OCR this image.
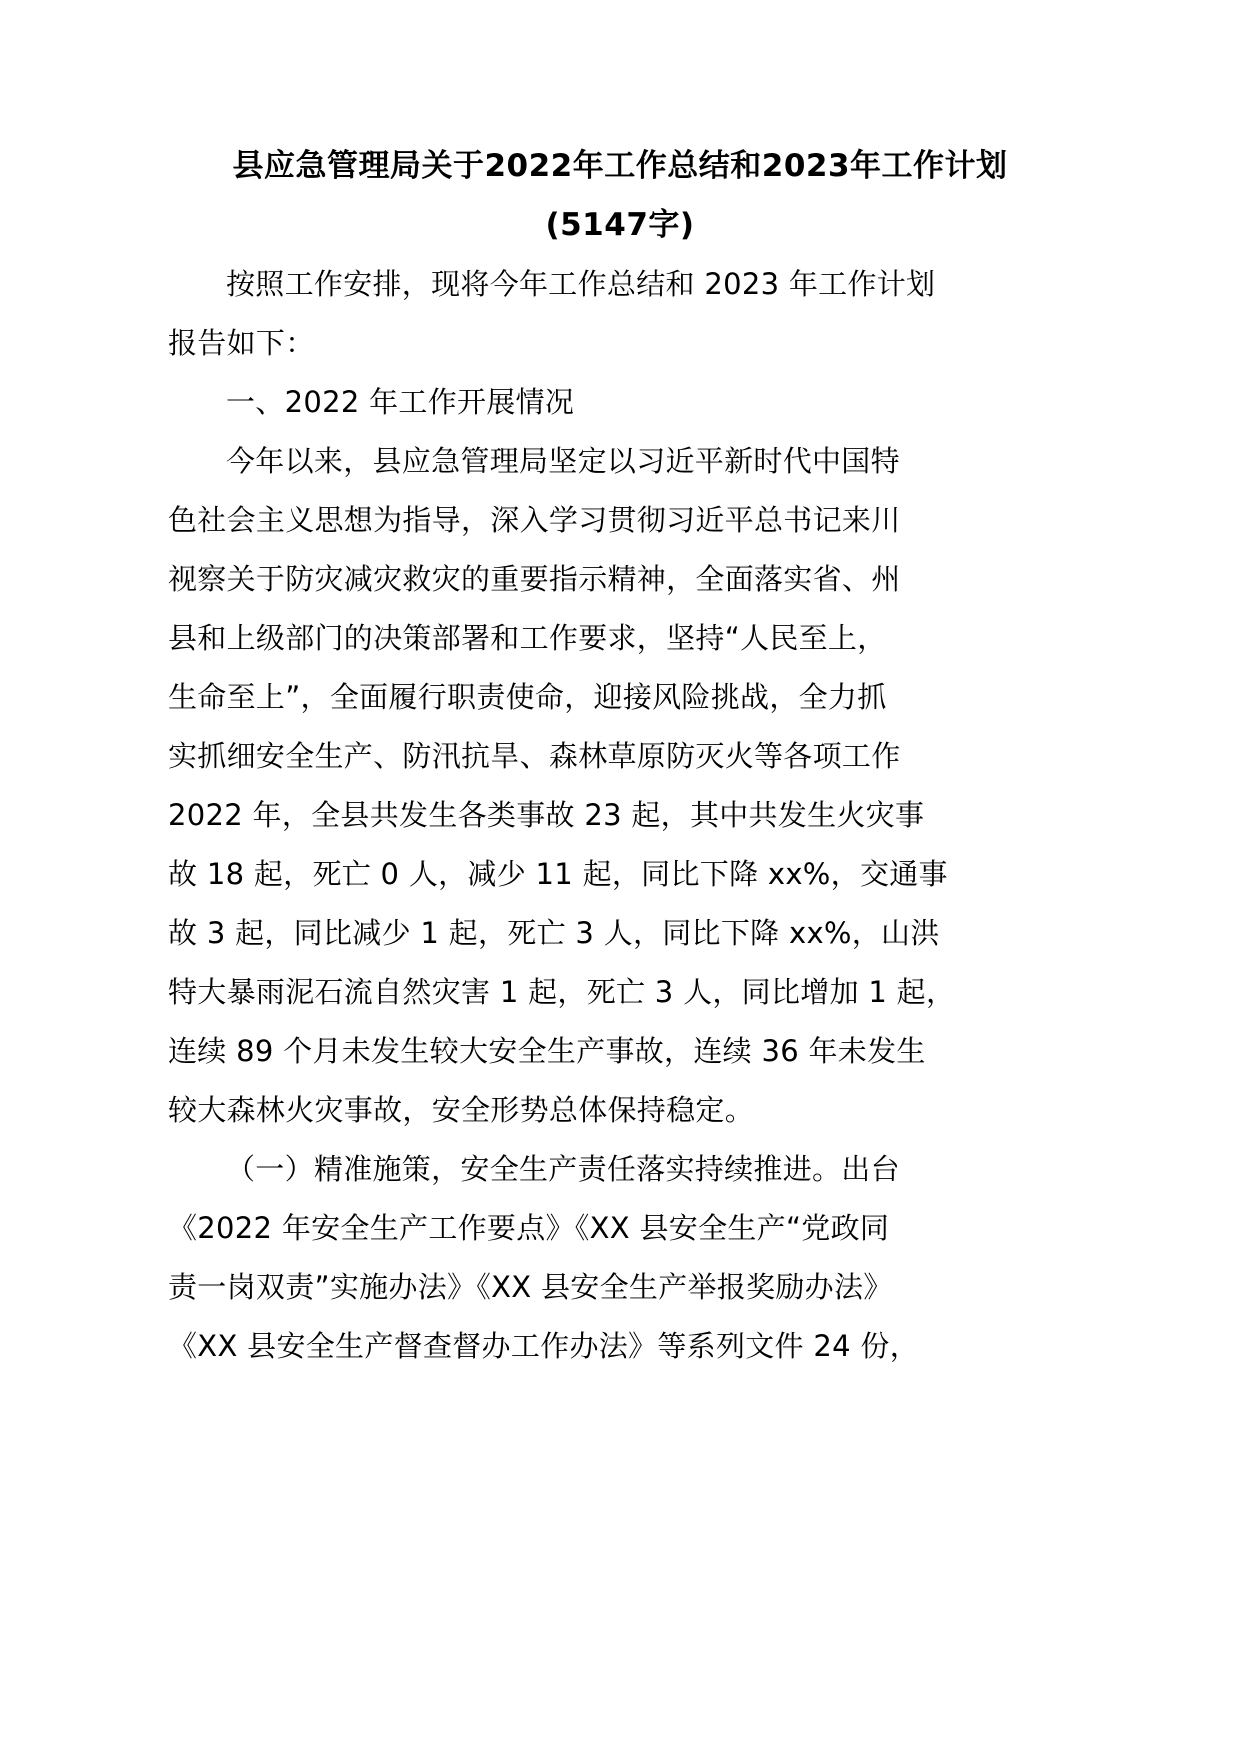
县应急管理局关于2022年工作总结和2023年工作计划
(5147字)
按照工作安排，现将今年工作总结和 2023 年工作计划
报告如下：
一、2022 年工作开展情况
今年以来，县应急管理局坚定以习近平新时代中国特
色社会主义思想为指导，深入学习贯彻习近平总书记来川
视察关于防灾减灾救灾的重要指示精神，全面落实省、州
县和上级部门的决策部署和工作要求，坚持“人民至上，
生命至上”，全面履行职责使命，迎接风险挑战，全力抓
实抓细安全生产、防汛抗旱、森林草原防灭火等各项工作
2022 年，全县共发生各类事故 23 起，其中共发生火灾事
故 18 起，死亡 0 人，减少 11 起，同比下降 xx%，交通事
故 3 起，同比减少 1 起，死亡 3 人，同比下降 xx%，山洪
特大暴雨泥石流自然灾害 1 起，死亡 3 人，同比增加 1 起，
连续 89 个月未发生较大安全生产事故，连续 36 年未发生
较大森林火灾事故，安全形势总体保持稳定。
（一）精准施策，安全生产责任落实持续推进。出台
《2022 年安全生产工作要点》《XX 县安全生产“党政同
责一岗双责”实施办法》《XX 县安全生产举报奖励办法》
《XX 县安全生产督查督办工作办法》等系列文件 24 份，
